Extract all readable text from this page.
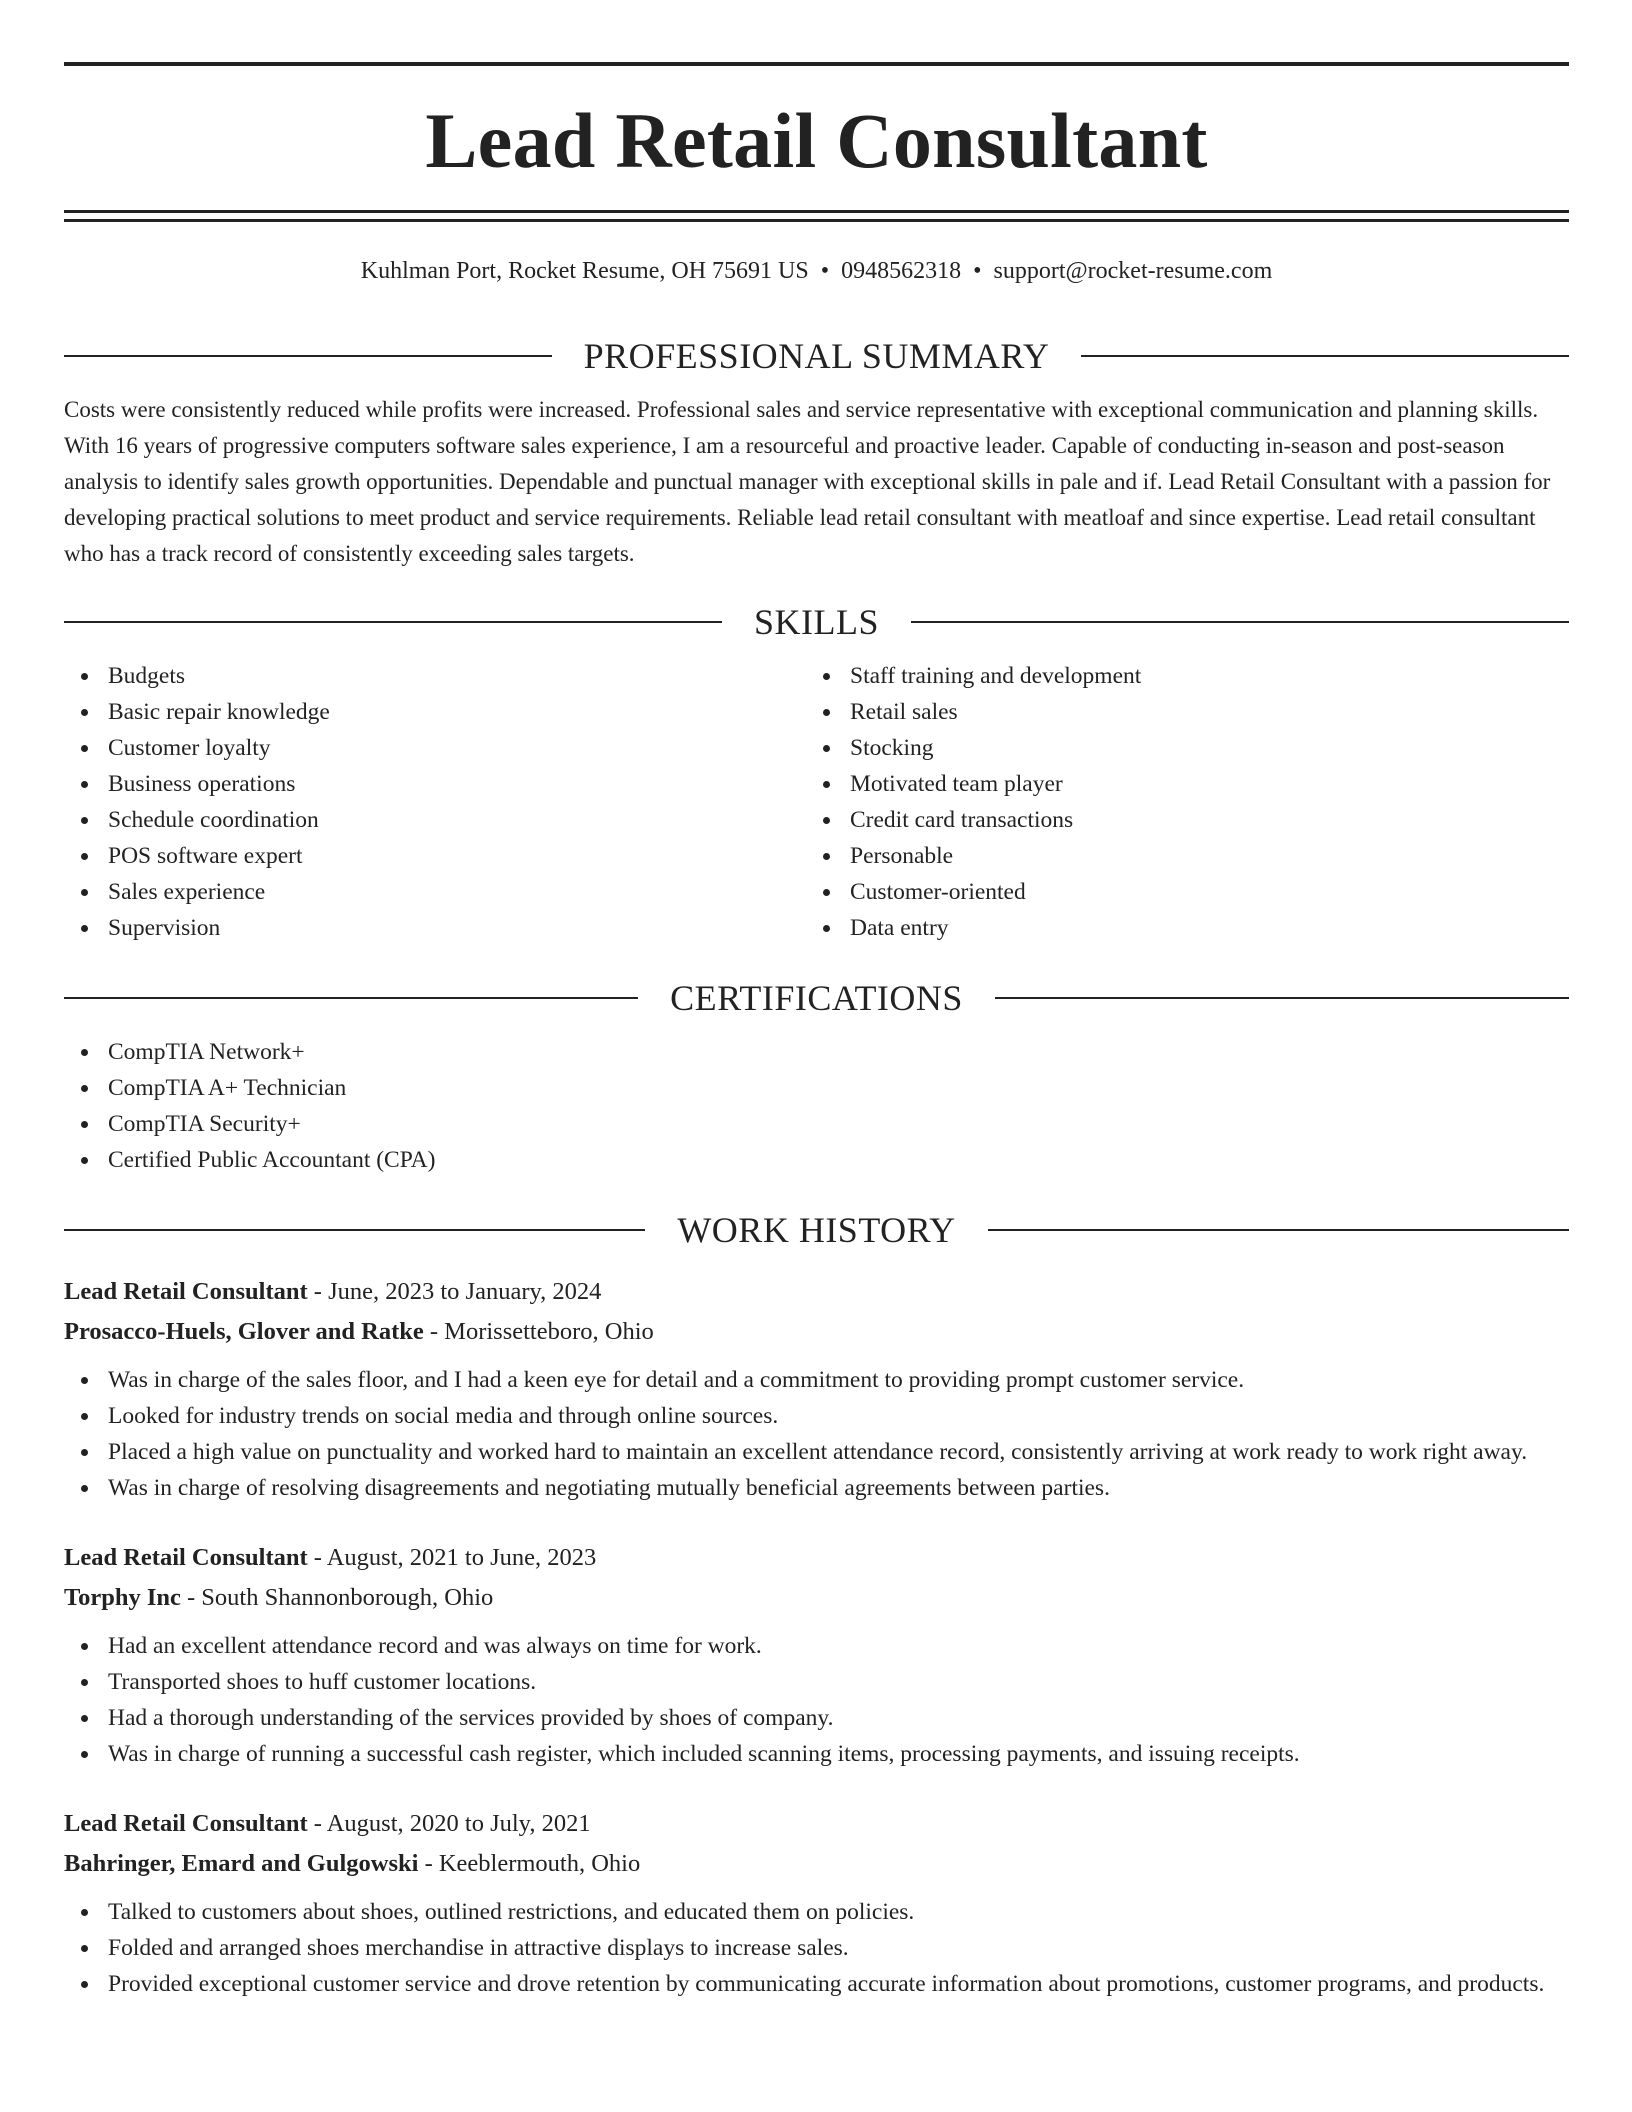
Lead Retail Consultant
Kuhlman Port, Rocket Resume, OH 75691 US • 0948562318 • support@rocket-resume.com
PROFESSIONAL SUMMARY

Costs were consistently reduced while profits were increased. Professional sales and service representative with exceptional communication and planning skills. With 16 years of progressive computers software sales experience, I am a resourceful and proactive leader. Capable of conducting in-season and post-season analysis to identify sales growth opportunities. Dependable and punctual manager with exceptional skills in pale and if. Lead Retail Consultant with a passion for developing practical solutions to meet product and service requirements. Reliable lead retail consultant with meatloaf and since expertise. Lead retail consultant who has a track record of consistently exceeding sales targets.

SKILLS
Budgets
Basic repair knowledge
Customer loyalty
Business operations
Schedule coordination
POS software expert
Sales experience
Supervision
Staff training and development
Retail sales
Stocking
Motivated team player
Credit card transactions
Personable
Customer-oriented
Data entry
CERTIFICATIONS
CompTIA Network+
CompTIA A+ Technician
CompTIA Security+
Certified Public Accountant (CPA)
WORK HISTORY
Lead Retail Consultant - June, 2023 to January, 2024
Prosacco-Huels, Glover and Ratke - Morissetteboro, Ohio
Was in charge of the sales floor, and I had a keen eye for detail and a commitment to providing prompt customer service.
Looked for industry trends on social media and through online sources.
Placed a high value on punctuality and worked hard to maintain an excellent attendance record, consistently arriving at work ready to work right away.
Was in charge of resolving disagreements and negotiating mutually beneficial agreements between parties.
Lead Retail Consultant - August, 2021 to June, 2023
Torphy Inc - South Shannonborough, Ohio
Had an excellent attendance record and was always on time for work.
Transported shoes to huff customer locations.
Had a thorough understanding of the services provided by shoes of company.
Was in charge of running a successful cash register, which included scanning items, processing payments, and issuing receipts.
Lead Retail Consultant - August, 2020 to July, 2021
Bahringer, Emard and Gulgowski - Keeblermouth, Ohio
Talked to customers about shoes, outlined restrictions, and educated them on policies.
Folded and arranged shoes merchandise in attractive displays to increase sales.
Provided exceptional customer service and drove retention by communicating accurate information about promotions, customer programs, and products.
